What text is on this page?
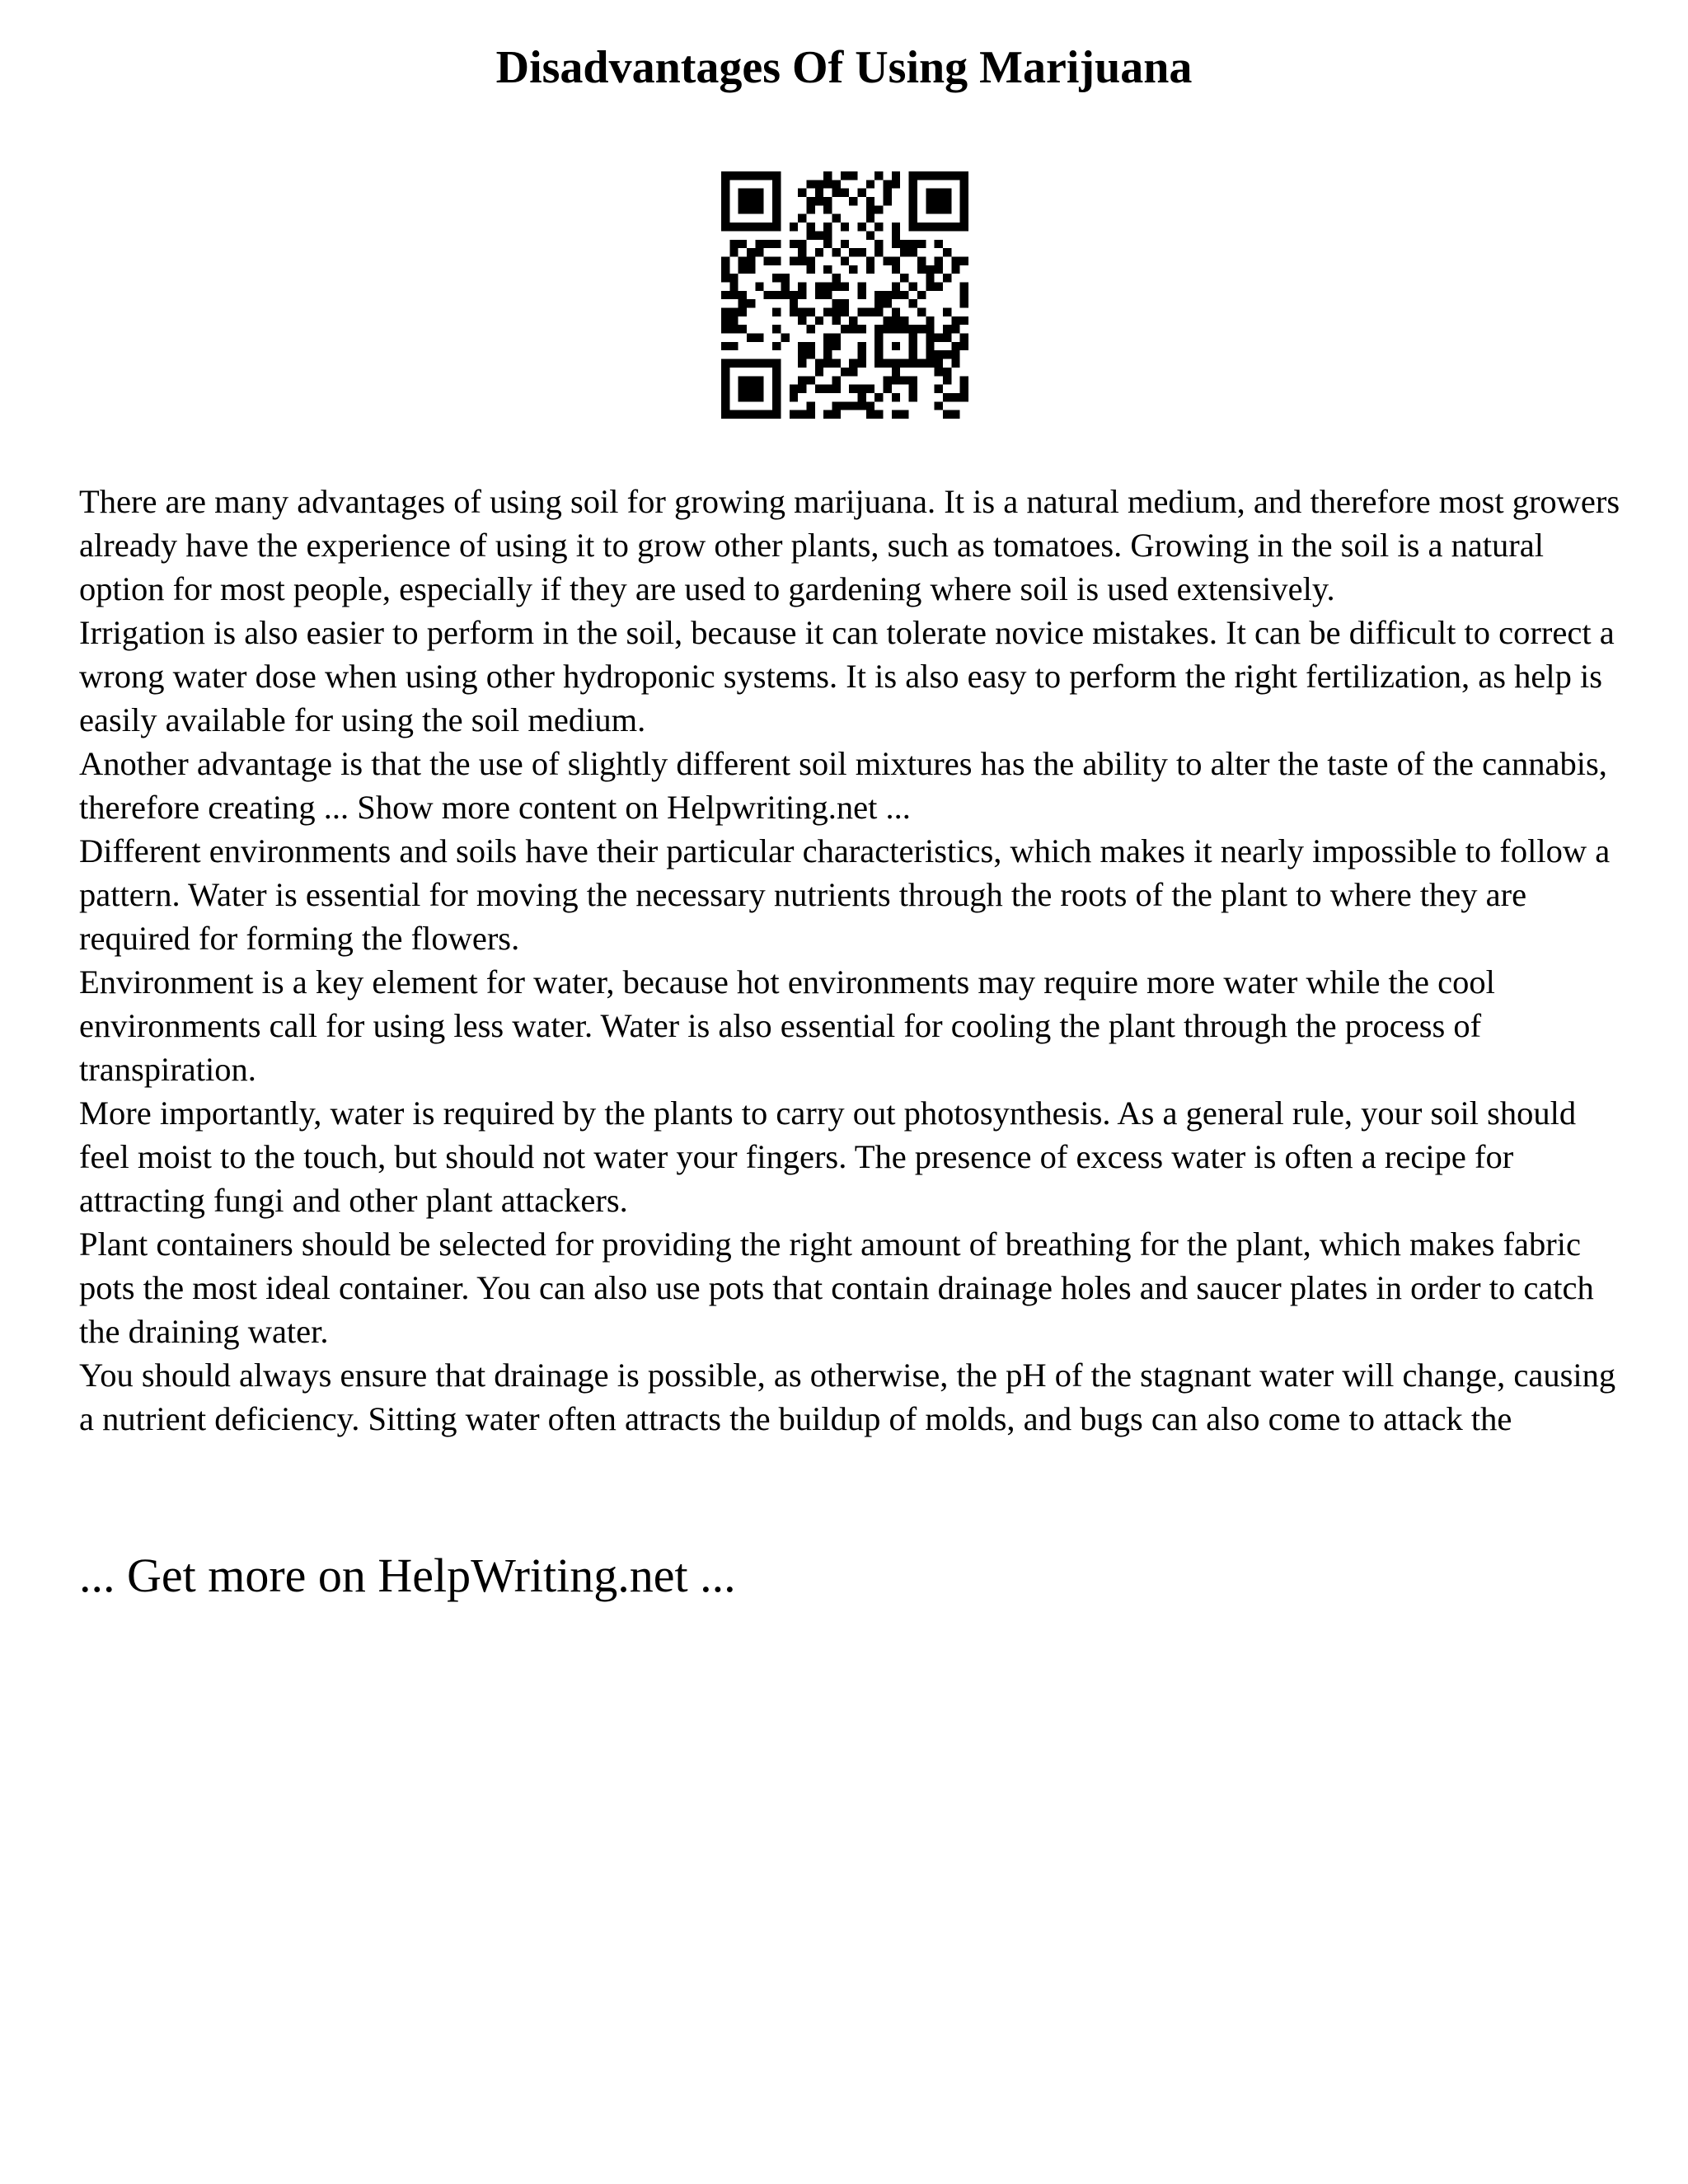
Disadvantages Of Using Marijuana

There are many advantages of using soil for growing marijuana. It is a natural medium, and therefore most growers already have the experience of using it to grow other plants, such as tomatoes. Growing in the soil is a natural option for most people, especially if they are used to gardening where soil is used extensively.

Irrigation is also easier to perform in the soil, because it can tolerate novice mistakes. It can be difficult to correct a wrong water dose when using other hydroponic systems. It is also easy to perform the right fertilization, as help is easily available for using the soil medium.

Another advantage is that the use of slightly different soil mixtures has the ability to alter the taste of the cannabis, therefore creating ... Show more content on Helpwriting.net ...

Different environments and soils have their particular characteristics, which makes it nearly impossible to follow a pattern. Water is essential for moving the necessary nutrients through the roots of the plant to where they are required for forming the flowers.

Environment is a key element for water, because hot environments may require more water while the cool environments call for using less water. Water is also essential for cooling the plant through the process of transpiration.

More importantly, water is required by the plants to carry out photosynthesis. As a general rule, your soil should feel moist to the touch, but should not water your fingers. The presence of excess water is often a recipe for attracting fungi and other plant attackers.

Plant containers should be selected for providing the right amount of breathing for the plant, which makes fabric pots the most ideal container. You can also use pots that contain drainage holes and saucer plates in order to catch the draining water.

You should always ensure that drainage is possible, as otherwise, the pH of the stagnant water will change, causing a nutrient deficiency. Sitting water often attracts the buildup of molds, and bugs can also come to attack the

... Get more on HelpWriting.net ...
